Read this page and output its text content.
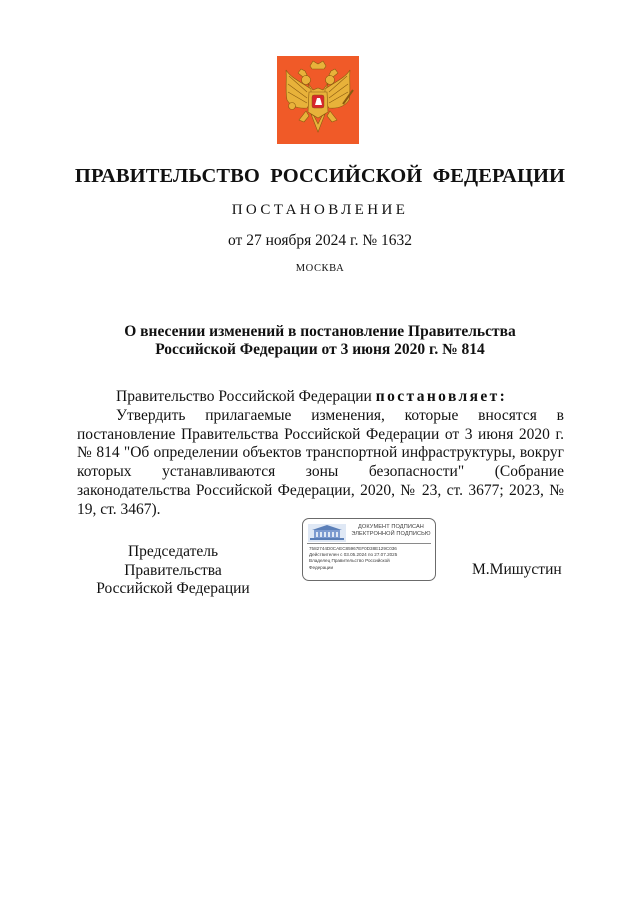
ПРАВИТЕЛЬСТВО РОССИЙСКОЙ ФЕДЕРАЦИИ
ПОСТАНОВЛЕНИЕ
от 27 ноября 2024 г. № 1632
МОСКВА
О внесении изменений в постановление Правительства
Российской Федерации от 3 июня 2020 г. № 814
Правительство Российской Федерации постановляет:
Утвердить прилагаемые изменения, которые вносятся в постановление Правительства Российской Федерации от 3 июня 2020 г. № 814 "Об определении объектов транспортной инфраструктуры, вокруг которых устанавливаются зоны безопасности" (Собрание законодательства Российской Федерации, 2020, № 23, ст. 3677; 2023, № 19, ст. 3467).
Председатель Правительства
Российской Федерации
ДОКУМЕНТ ПОДПИСАН
ЭЛЕКТРОННОЙ ПОДПИСЬЮ
7582744D0CAEC85967EF0D38E129C036
Действителен с 03.05.2024 по 27.07.2025
Владелец Правительство Российской
Федерации	М.Мишустин
